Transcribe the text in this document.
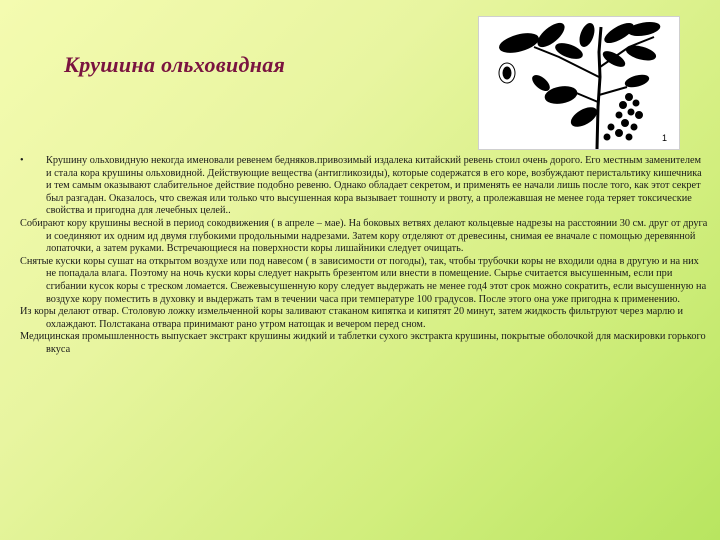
Крушина ольховидная
1

• Крушину ольховидную некогда именовали ревенем бедняков.привозимый издалека китайский ревень стоил очень дорого. Его местным заменителем и стала кора крушины ольховидной. Действующие вещества (антигликозиды), которые содержатся в его коре, возбуждают перистальтику кишечника и тем самым оказывают слабительное действие подобно ревеню. Однако обладает секретом, и применять ее начали лишь после того, как этот секрет был разгадан. Оказалось, что свежая или только что высушенная кора вызывает тошноту и рвоту, а пролежавшая не менее года теряет токсические свойства и пригодна для лечебных целей..

Собирают кору крушины весной в период сокодвижения ( в апреле – мае). На боковых ветвях делают кольцевые надрезы на расстоянии 30 см. друг от друга и соединяют их одним ид двумя глубокими продольными надрезами. Затем кору отделяют от древесины, снимая ее вначале с помощью деревянной лопаточки, а затем руками. Встречающиеся на поверхности коры лишайники следует очищать.

Снятые куски коры сушат на открытом воздухе или под навесом ( в зависимости от погоды), так, чтобы трубочки коры не входили одна в другую и на них не попадала влага. Поэтому на ночь куски коры следует накрыть брезентом или внести в помещение. Сырье считается высушенным, если при сгибании кусок коры с треском ломается. Свежевысушенную кору следует выдержать не менее год4 этот срок можно сократить, если высушенную на воздухе кору поместить в духовку и выдержать там в течении часа при температуре 100 градусов. После этого она уже пригодна к применению.

Из коры делают отвар. Столовую ложку измельченной коры заливают стаканом кипятка и кипятят 20 минут, затем жидкость фильтруют через марлю и охлаждают. Полстакана отвара принимают рано утром натощак и вечером перед сном.

Медицинская промышленность выпускает экстракт крушины жидкий и таблетки сухого экстракта крушины, покрытые оболочкой для маскировки горького вкуса
